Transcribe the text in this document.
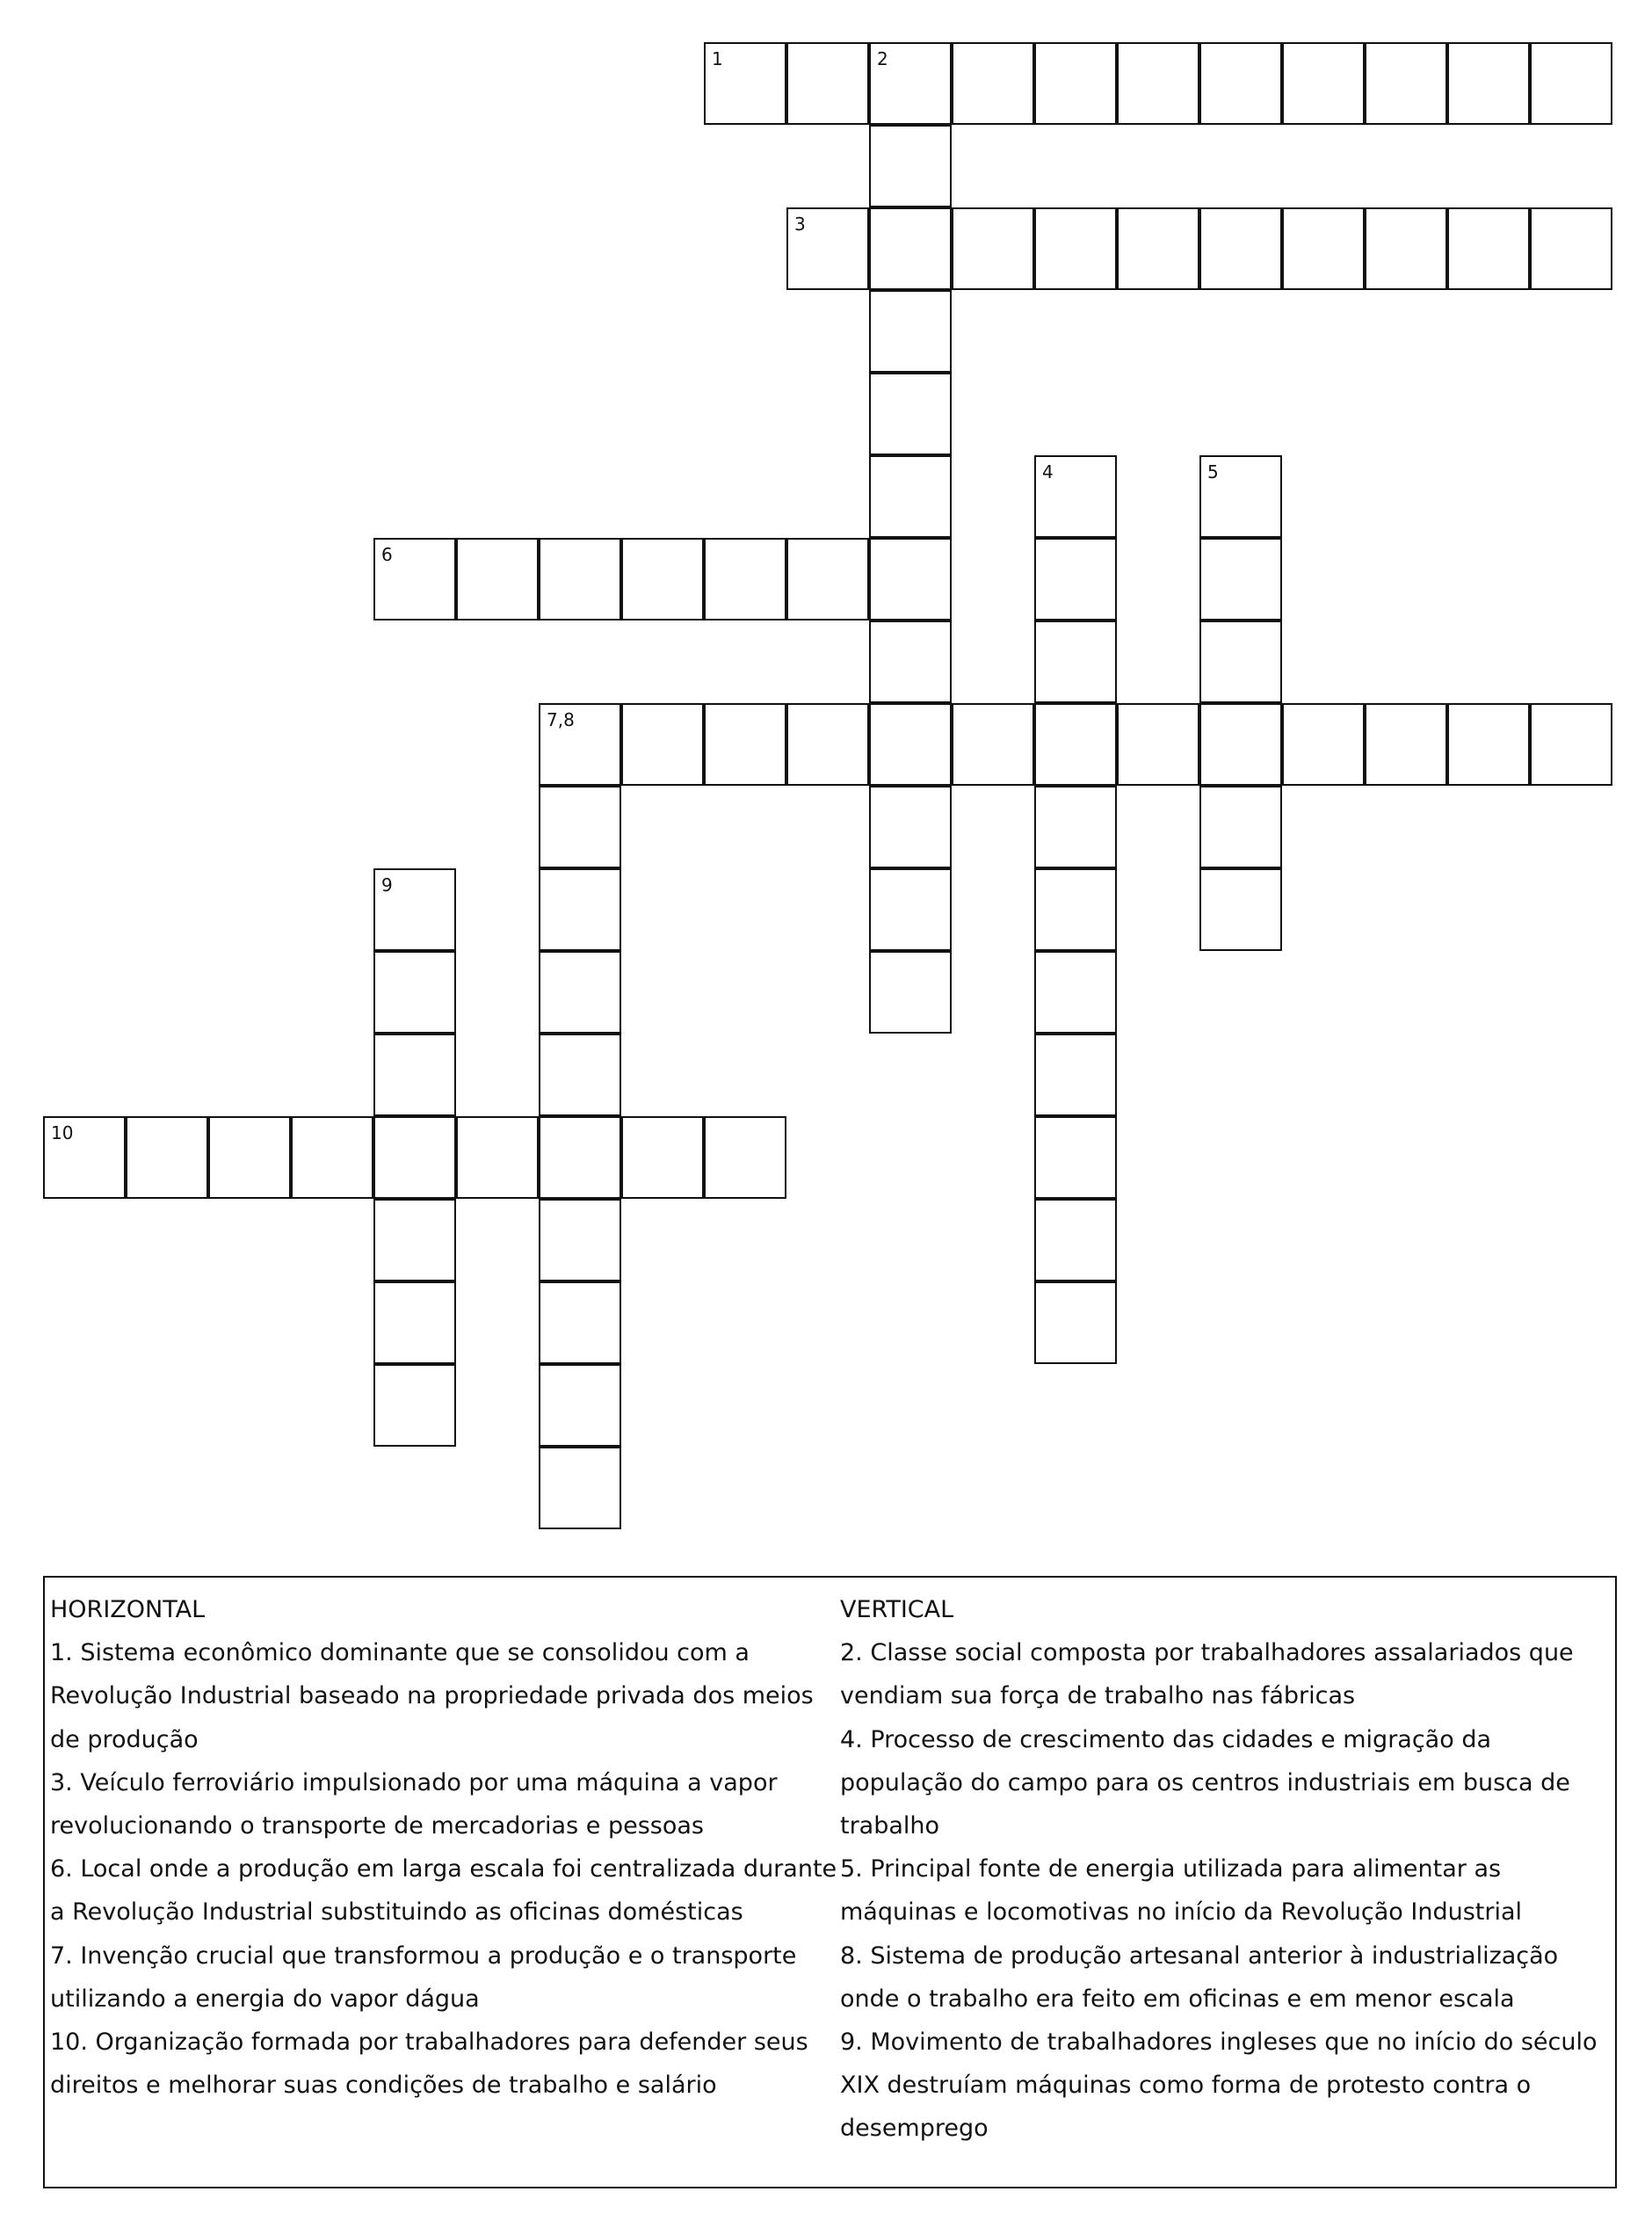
1	2
3
4	5
6
7,8
9
10
HORIZONTAL
1. Sistema econômico dominante que se consolidou com a Revolução Industrial baseado na propriedade privada dos meios de produção
3. Veículo ferroviário impulsionado por uma máquina a vapor revolucionando o transporte de mercadorias e pessoas
6. Local onde a produção em larga escala foi centralizada durante a Revolução Industrial substituindo as oficinas domésticas
7. Invenção crucial que transformou a produção e o transporte utilizando a energia do vapor dágua
10. Organização formada por trabalhadores para defender seus direitos e melhorar suas condições de trabalho e salário
VERTICAL
2. Classe social composta por trabalhadores assalariados que vendiam sua força de trabalho nas fábricas
4. Processo de crescimento das cidades e migração da população do campo para os centros industriais em busca de trabalho
5. Principal fonte de energia utilizada para alimentar as máquinas e locomotivas no início da Revolução Industrial
8. Sistema de produção artesanal anterior à industrialização onde o trabalho era feito em oficinas e em menor escala
9. Movimento de trabalhadores ingleses que no início do século XIX destruíam máquinas como forma de protesto contra o desemprego
